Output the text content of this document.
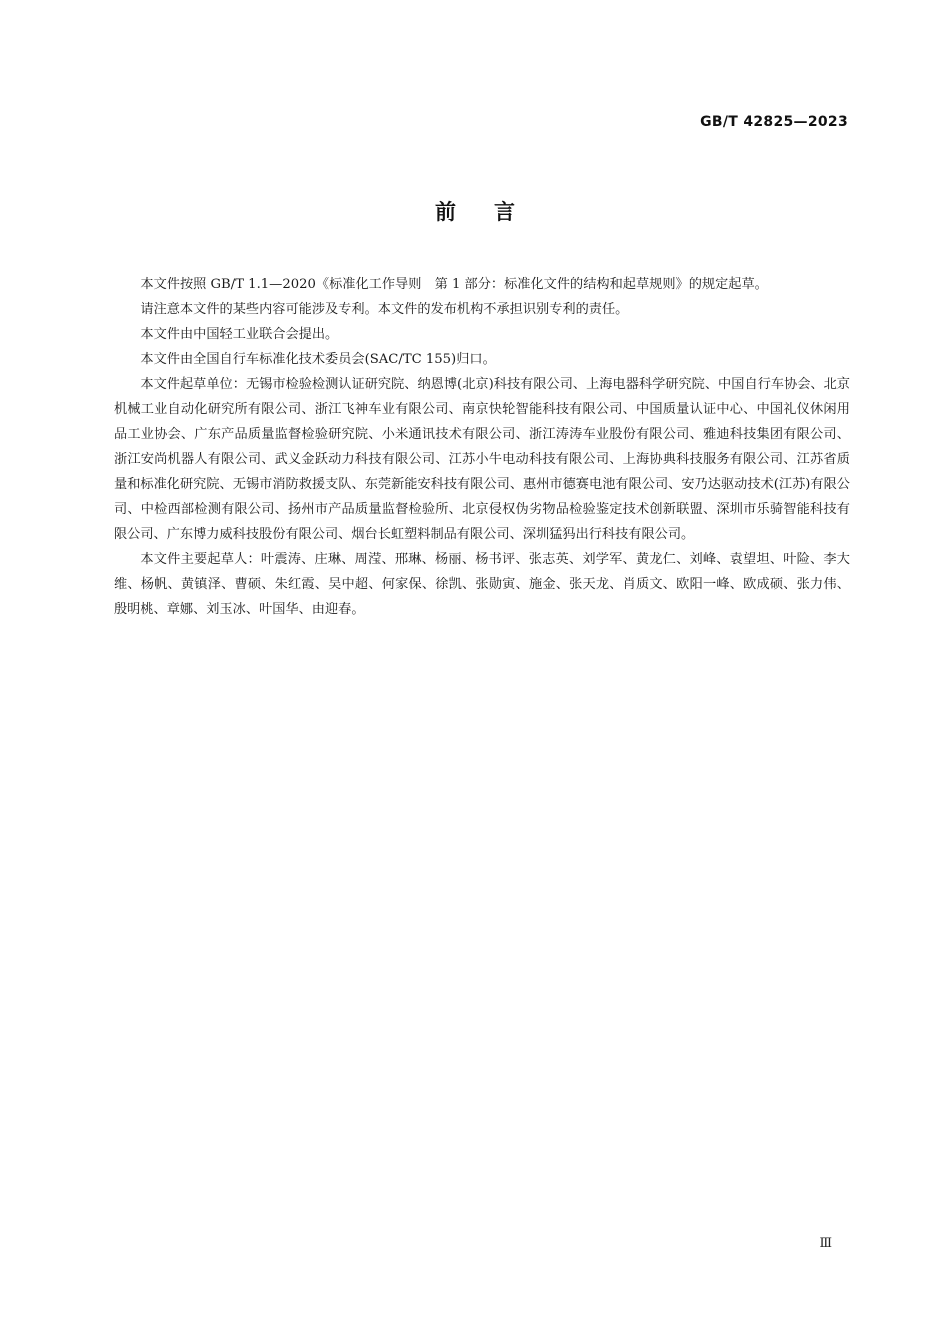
GB/T 42825—2023
前言

本文件按照 GB/T 1.1—2020《标准化工作导则　第 1 部分：标准化文件的结构和起草规则》的规定起草。

请注意本文件的某些内容可能涉及专利。本文件的发布机构不承担识别专利的责任。

本文件由中国轻工业联合会提出。

本文件由全国自行车标准化技术委员会(SAC/TC 155)归口。

本文件起草单位：无锡市检验检测认证研究院、纳恩博(北京)科技有限公司、上海电器科学研究院、中国自行车协会、北京机械工业自动化研究所有限公司、浙江飞神车业有限公司、南京快轮智能科技有限公司、中国质量认证中心、中国礼仪休闲用品工业协会、广东产品质量监督检验研究院、小米通讯技术有限公司、浙江涛涛车业股份有限公司、雅迪科技集团有限公司、浙江安尚机器人有限公司、武义金跃动力科技有限公司、江苏小牛电动科技有限公司、上海协典科技服务有限公司、江苏省质量和标准化研究院、无锡市消防救援支队、东莞新能安科技有限公司、惠州市德赛电池有限公司、安乃达驱动技术(江苏)有限公司、中检西部检测有限公司、扬州市产品质量监督检验所、北京侵权伪劣物品检验鉴定技术创新联盟、深圳市乐骑智能科技有限公司、广东博力威科技股份有限公司、烟台长虹塑料制品有限公司、深圳猛犸出行科技有限公司。

本文件主要起草人：叶震涛、庄琳、周滢、邢琳、杨丽、杨书评、张志英、刘学军、黄龙仁、刘峰、袁望坦、叶险、李大维、杨帆、黄镇泽、曹硕、朱红霞、吴中超、何家保、徐凯、张勋寅、施金、张天龙、肖质文、欧阳一峰、欧成硕、张力伟、殷明桃、章娜、刘玉冰、叶国华、由迎春。

Ⅲ
